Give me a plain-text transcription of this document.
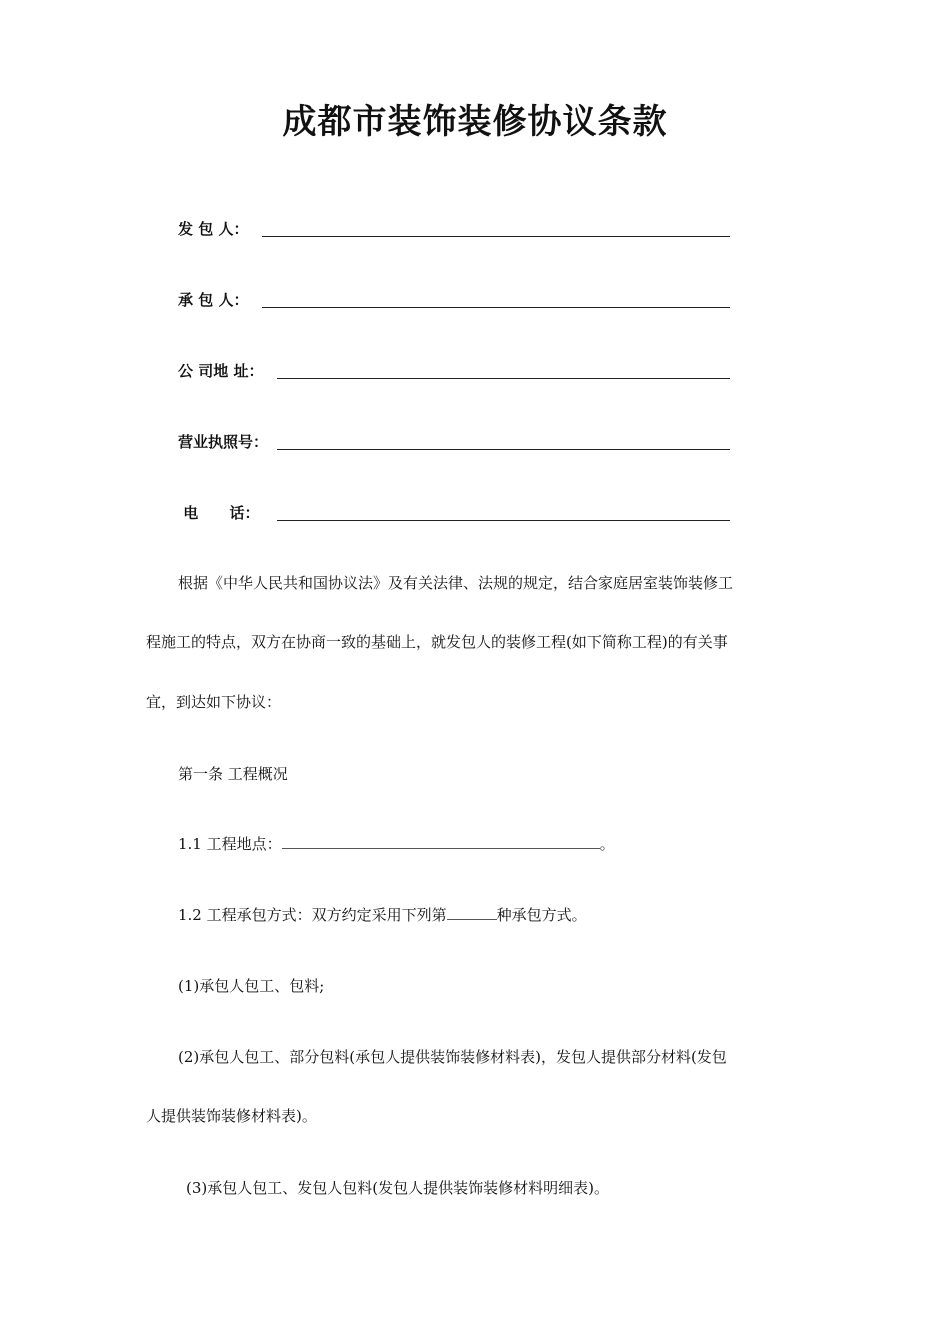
成都市装饰装修协议条款
发 包 人：
承 包 人：
公 司地 址：
营业执照号：
电      话：
根据《中华人民共和国协议法》及有关法律、法规的规定，结合家庭居室装饰装修工
程施工的特点，双方在协商一致的基础上，就发包人的装修工程(如下简称工程)的有关事
宜，到达如下协议：
第一条 工程概况
1.1 工程地点：	。
1.2 工程承包方式：双方约定采用下列第	种承包方式。
(1)承包人包工、包料;
(2)承包人包工、部分包料(承包人提供装饰装修材料表)，发包人提供部分材料(发包
人提供装饰装修材料表)。
(3)承包人包工、发包人包料(发包人提供装饰装修材料明细表)。
